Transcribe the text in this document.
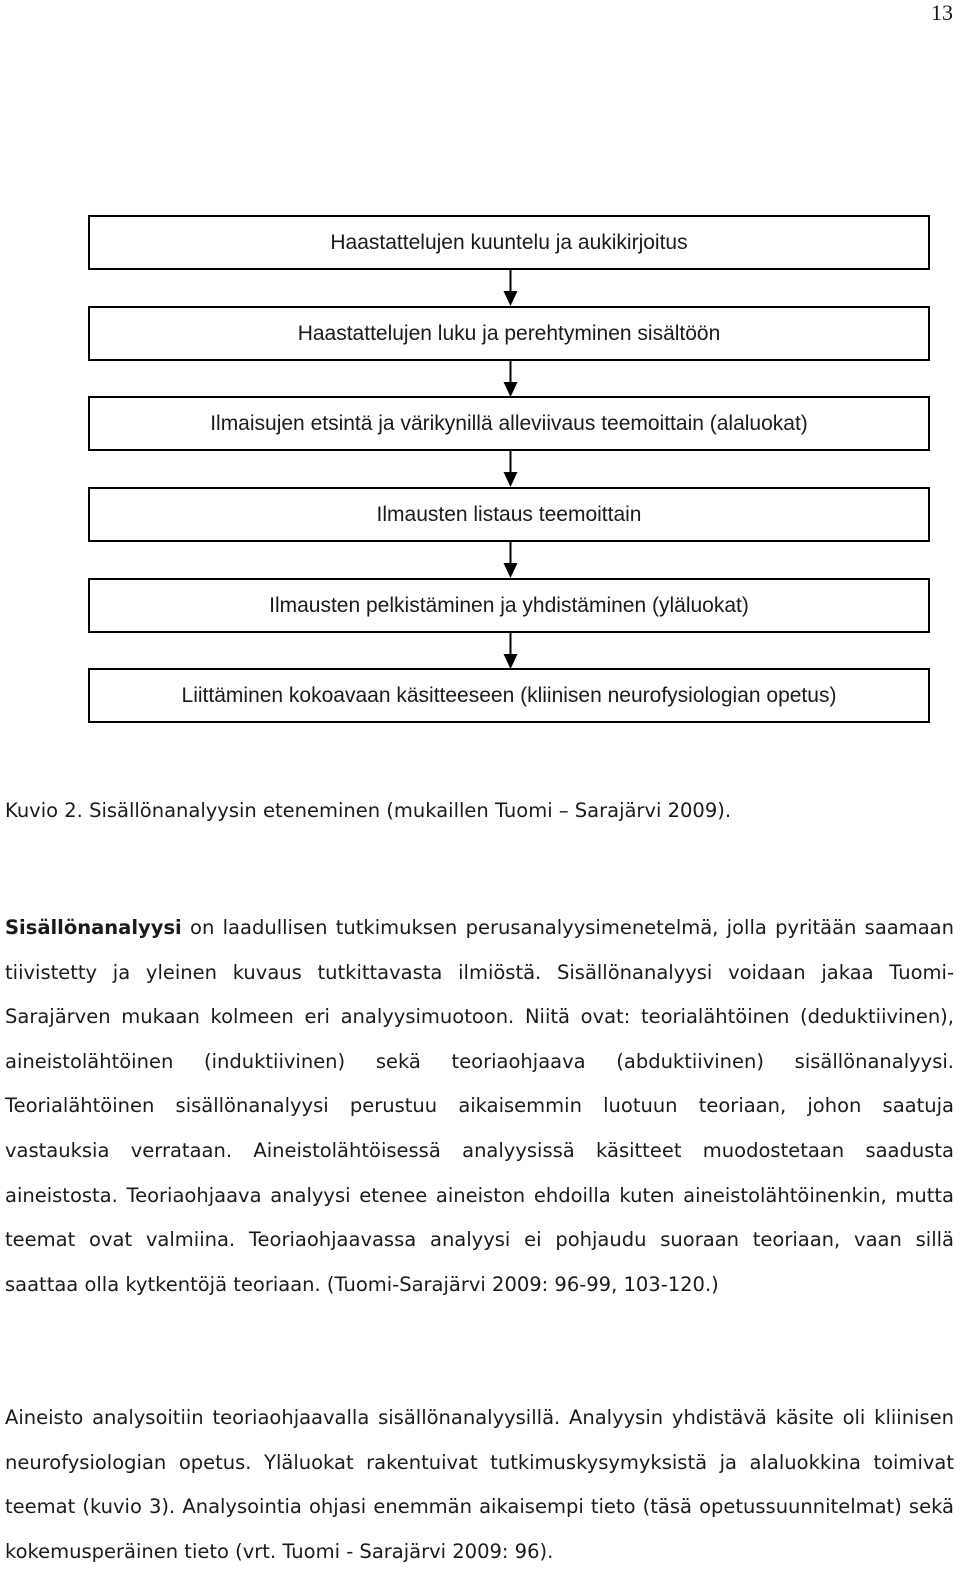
13
Haastattelujen kuuntelu ja aukikirjoitus
Haastattelujen luku ja perehtyminen sisältöön
Ilmaisujen etsintä ja värikynillä alleviivaus teemoittain (alaluokat)
Ilmausten listaus teemoittain
Ilmausten pelkistäminen ja yhdistäminen (yläluokat)
Liittäminen kokoavaan käsitteeseen (kliinisen neurofysiologian opetus)
Kuvio 2. Sisällönanalyysin eteneminen (mukaillen Tuomi – Sarajärvi 2009).

Sisällönanalyysi on laadullisen tutkimuksen perusanalyysimenetelmä, jolla pyritään saamaan tiivistetty ja yleinen kuvaus tutkittavasta ilmiöstä. Sisällönanalyysi voidaan jakaa Tuomi-Sarajärven mukaan kolmeen eri analyysimuotoon. Niitä ovat: teorialähtöinen (deduktiivinen), aineistolähtöinen (induktiivinen) sekä teoriaohjaava (abduktiivinen) sisällönanalyysi. Teorialähtöinen sisällönanalyysi perustuu aikaisemmin luotuun teoriaan, johon saatuja vastauksia verrataan. Aineistolähtöisessä analyysissä käsitteet muodostetaan saadusta aineistosta. Teoriaohjaava analyysi etenee aineiston ehdoilla kuten aineistolähtöinenkin, mutta teemat ovat valmiina. Teoriaohjaavassa analyysi ei pohjaudu suoraan teoriaan, vaan sillä saattaa olla kytkentöjä teoriaan. (Tuomi-Sarajärvi 2009: 96-99, 103-120.)

Aineisto analysoitiin teoriaohjaavalla sisällönanalyysillä. Analyysin yhdistävä käsite oli kliinisen neurofysiologian opetus. Yläluokat rakentuivat tutkimuskysymyksistä ja alaluokkina toimivat teemat (kuvio 3). Analysointia ohjasi enemmän aikaisempi tieto (täsä opetussuunnitelmat) sekä kokemusperäinen tieto (vrt. Tuomi - Sarajärvi 2009: 96).
